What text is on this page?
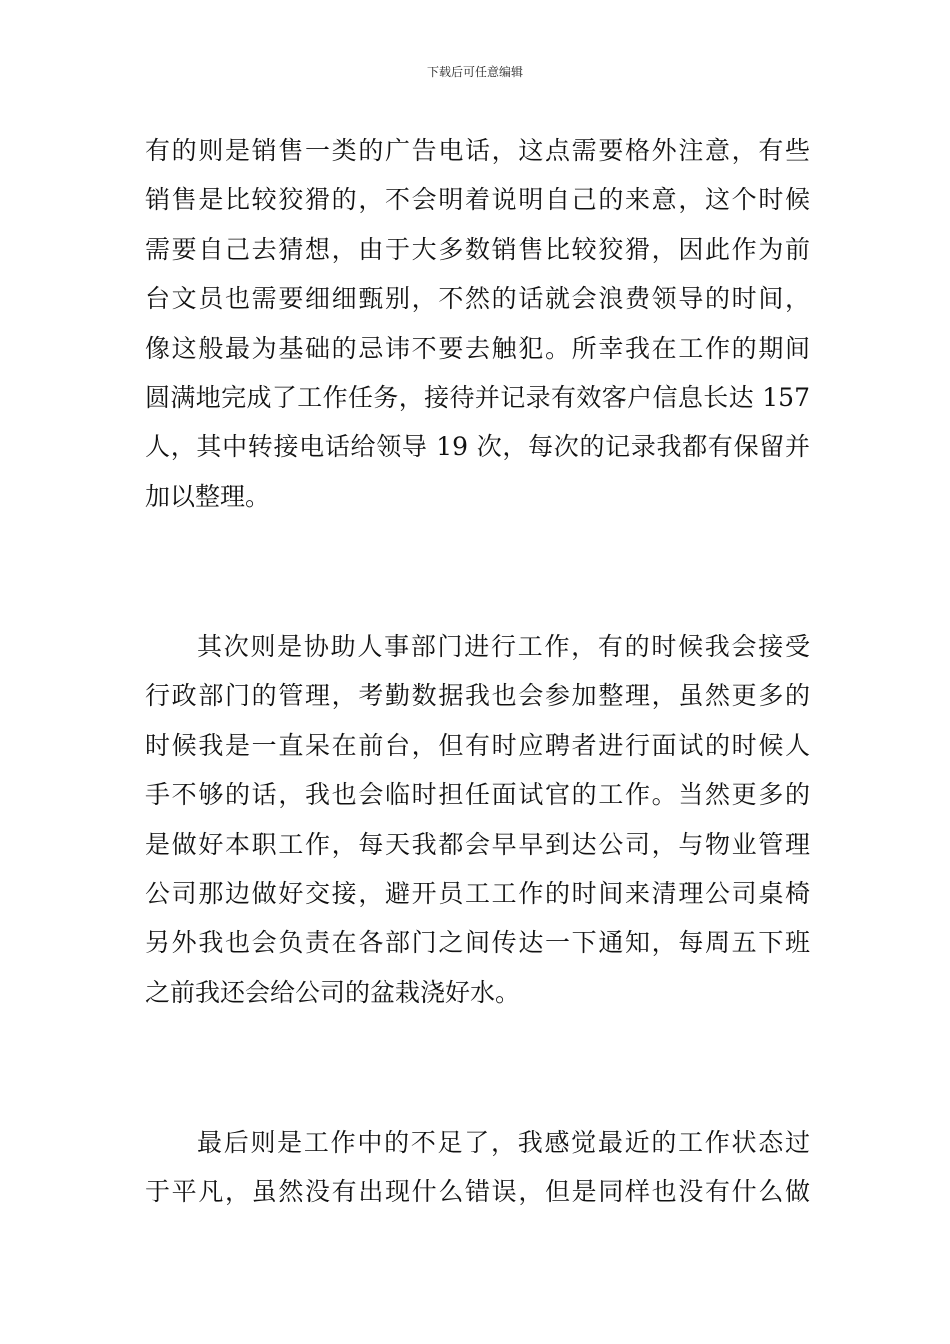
下载后可任意编辑
有的则是销售一类的广告电话，这点需要格外注意，有些
销售是比较狡猾的，不会明着说明自己的来意，这个时候
需要自己去猜想，由于大多数销售比较狡猾，因此作为前
台文员也需要细细甄别，不然的话就会浪费领导的时间，
像这般最为基础的忌讳不要去触犯。所幸我在工作的期间
圆满地完成了工作任务，接待并记录有效客户信息长达 157
人，其中转接电话给领导 19 次，每次的记录我都有保留并
加以整理。
其次则是协助人事部门进行工作，有的时候我会接受
行政部门的管理，考勤数据我也会参加整理，虽然更多的
时候我是一直呆在前台，但有时应聘者进行面试的时候人
手不够的话，我也会临时担任面试官的工作。当然更多的
是做好本职工作，每天我都会早早到达公司，与物业管理
公司那边做好交接，避开员工工作的时间来清理公司桌椅
另外我也会负责在各部门之间传达一下通知，每周五下班
之前我还会给公司的盆栽浇好水。
最后则是工作中的不足了，我感觉最近的工作状态过
于平凡，虽然没有出现什么错误，但是同样也没有什么做
